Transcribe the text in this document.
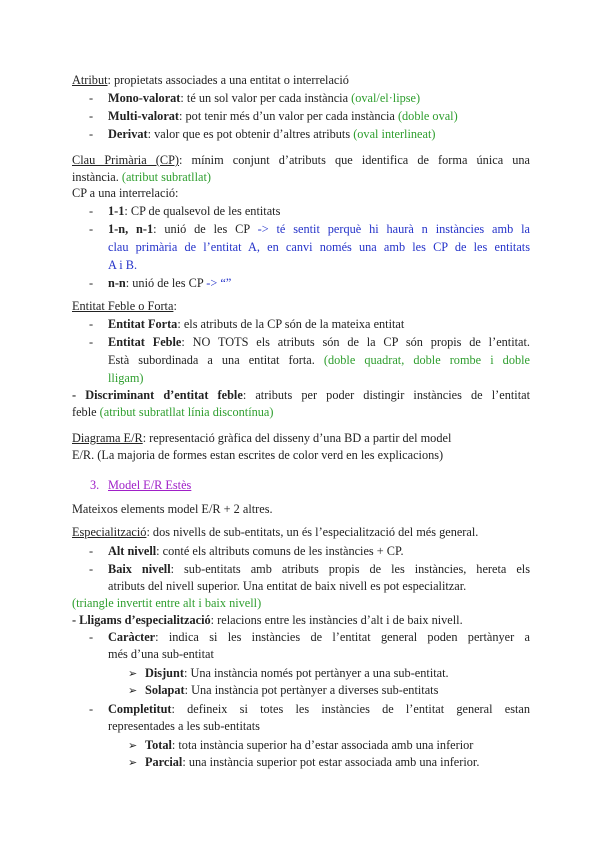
Atribut: propietats associades a una entitat o interrelació
- Mono-valorat: té un sol valor per cada instància (oval/el·lipse)
- Multi-valorat: pot tenir més d’un valor per cada instància (doble oval)
- Derivat: valor que es pot obtenir d’altres atributs (oval interlineat)
Clau Primària (CP): mínim conjunt d’atributs que identifica de forma única una
instància. (atribut subratllat)
CP a una interrelació:
- 1-1: CP de qualsevol de les entitats
- 1-n, n-1: unió de les CP -> té sentit perquè hi haurà n instàncies amb la
clau primària de l’entitat A, en canvi només una amb les CP de les entitats
A i B.
- n-n: unió de les CP -> “”
Entitat Feble o Forta:
- Entitat Forta: els atributs de la CP són de la mateixa entitat
- Entitat Feble: NO TOTS els atributs són de la CP són propis de l’entitat.
Està subordinada a una entitat forta. (doble quadrat, doble rombe i doble
lligam)
- Discriminant d’entitat feble: atributs per poder distingir instàncies de l’entitat
feble (atribut subratllat línia discontínua)
Diagrama E/R: representació gràfica del disseny d’una BD a partir del model
E/R. (La majoria de formes estan escrites de color verd en les explicacions)
3. Model E/R Estès
Mateixos elements model E/R + 2 altres.
Especialització: dos nivells de sub-entitats, un és l’especialització del més general.
- Alt nivell: conté els altributs comuns de les instàncies + CP.
- Baix nivell: sub-entitats amb atributs propis de les instàncies, hereta els
atributs del nivell superior. Una entitat de baix nivell es pot especialitzar.
(triangle invertit entre alt i baix nivell)
- Lligams d’especialització: relacions entre les instàncies d’alt i de baix nivell.
- Caràcter: indica si les instàncies de l’entitat general poden pertànyer a
més d’una sub-entitat
➢ Disjunt: Una instància només pot pertànyer a una sub-entitat.
➢ Solapat: Una instància pot pertànyer a diverses sub-entitats
- Completitut: defineix si totes les instàncies de l’entitat general estan
representades a les sub-entitats
➢ Total: tota instància superior ha d’estar associada amb una inferior
➢ Parcial: una instància superior pot estar associada amb una inferior.
